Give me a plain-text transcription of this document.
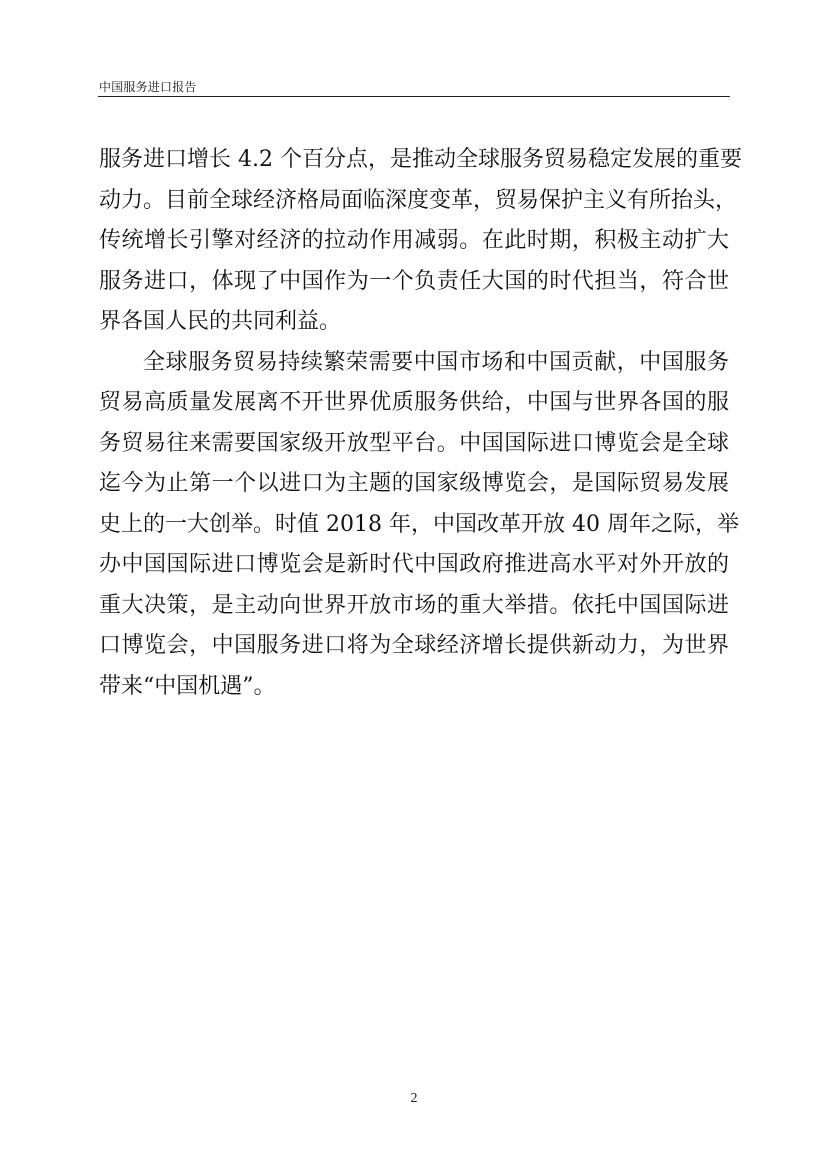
中国服务进口报告
服务进口增长 4.2 个百分点，是推动全球服务贸易稳定发展的重要
动力。目前全球经济格局面临深度变革，贸易保护主义有所抬头，
传统增长引擎对经济的拉动作用减弱。在此时期，积极主动扩大
服务进口，体现了中国作为一个负责任大国的时代担当，符合世
界各国人民的共同利益。
全球服务贸易持续繁荣需要中国市场和中国贡献，中国服务
贸易高质量发展离不开世界优质服务供给，中国与世界各国的服
务贸易往来需要国家级开放型平台。中国国际进口博览会是全球
迄今为止第一个以进口为主题的国家级博览会，是国际贸易发展
史上的一大创举。时值 2018 年，中国改革开放 40 周年之际，举
办中国国际进口博览会是新时代中国政府推进高水平对外开放的
重大决策，是主动向世界开放市场的重大举措。依托中国国际进
口博览会，中国服务进口将为全球经济增长提供新动力，为世界
带来“中国机遇”。
2
